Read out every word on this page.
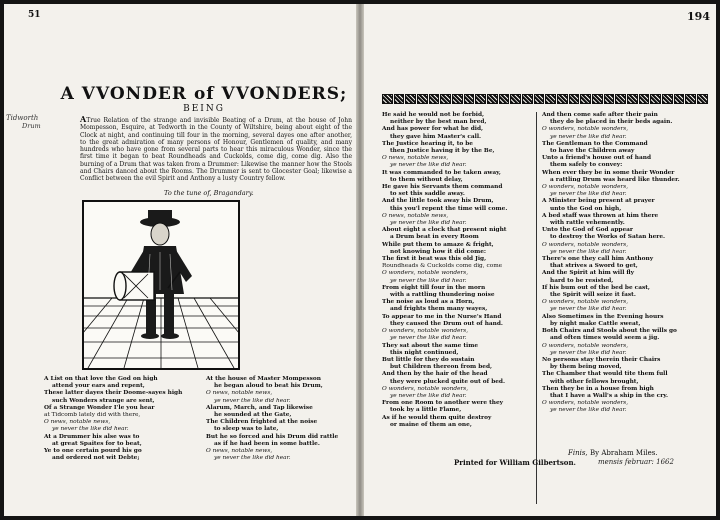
51
Tidworth
Drum
A VVONDER of VVONDERS;
BEING
ATrue Relation of the strange and invisible Beating of a Drum, at the house of John Mompesson, Esquire, at Tedworth in the County of Wiltshire, being about eight of the Clock at night, and continuing till four in the morning, several dayes one after another, to the great admiration of many persons of Honour, Gentlemen of quality, and many hundreds who have gone from several parts to hear this miraculous Wonder, since the first time it began to beat Roundheads and Cuckolds, come dig, come dig. Also the burning of a Drum that was taken from a Drummer: Likewise the manner how the Stools and Chairs danced about the Rooms. The Drummer is sent to Glocester Goal; likewise a Conflict between the evil Spirit and Anthony a lusty Country fellow.
To the tune of, Bragandary.
A List on that love the God on high
attend your ears and repent,
These latter dayes their Doome-sayes high
such Wonders strange are sent,
Of a Strange Wonder I'le you hear
at Tidcomb lately did with there,
O news, notable news,
ye never the like did hear.
At a Drummer his alse was to
at great Spaites for to beat,
Ye to one certain pourd his go
and ordered not wit Debte;
At the house of Master Mompesson
he began aloud to beat his Drum,
O news, notable news,
ye never the like did hear.
Alarum, March, and Tap likewise
he sounded at the Gate,
The Children frighted at the noise
to sleep was to late,
But he so forced and his Drum did rattle
as if he had been in some battle.
O news, notable news,
ye never the like did hear.
194
He said he would not be forbid,
neither by the best man bred,
And has power for what he did,
they gave him Master's call.
The Justice hearing it, to be
then Justice having it by the Be,
O news, notable news,
ye never the like did hear.
It was commanded to be taken away,
to them without delay,
He gave his Servants them command
to set this saddle away.
And the little took away his Drum,
this you'l repent the time will come.
O news, notable news,
ye never the like did hear.
About eight a clock that present night
a Drum beat in every Room
While put them to amaze & fright,
not knowing how it did come:
The first it beat was this old Jig,
Roundheads & Cuckolds come dig, come
O wonders, notable wonders,
ye never the like did hear.
From eight till four in the morn
with a rattling thundering noise
The noise as loud as a Horn,
and frights them many wayes,
To appear to me in the Nurse's Hand
they caused the Drum out of hand.
O wonders, notable wonders,
ye never the like did hear.
They sat about the same time
this night continued,
But little for they do sustain
but Children thereon from bed,
And then by the hair of the head
they were plucked quite out of bed.
O wonders, notable wonders,
ye never the like did hear.
From one Room to another were they
took by a little Flame,
As if he would them quite destroy
or maine of them an one,
And then come safe after their pain
they do be placed in their beds again.
O wonders, notable wonders,
ye never the like did hear.
The Gentleman to the Command
to have the Children away
Unto a friend's house out of hand
them safely to convey:
When ever they be in some their Wonder
a rattling Drum was heard like thunder.
O wonders, notable wonders,
ye never the like did hear.
A Minister being present at prayer
unto the God on high,
A bed staff was thrown at him there
with rattle vehemently.
Unto the God of God appear
to destroy the Works of Satan here.
O wonders, notable wonders,
ye never the like did hear.
There's one they call him Anthony
that strives a Sword to get,
And the Spirit at him will fly
hard to be resisted,
If his bum out of the bed be cast,
the Spirit will seize it fast.
O wonders, notable wonders,
ye never the like did hear.
Also Sometimes in the Evening hours
by night make Cattle sweat,
Both Chairs and Stools about the wills go
and often times would seem a jig.
O wonders, notable wonders,
ye never the like did hear.
No persons stay therein their Chairs
by them being moved,
The Chamber that would tite them full
with other fellows brought,
Then they be in a house from high
that I have a Wall's a ship in the cry.
O wonders, notable wonders,
ye never the like did hear.
Finis, By Abraham Miles.
Printed for William Gilbertson.	mensis februar: 1662
